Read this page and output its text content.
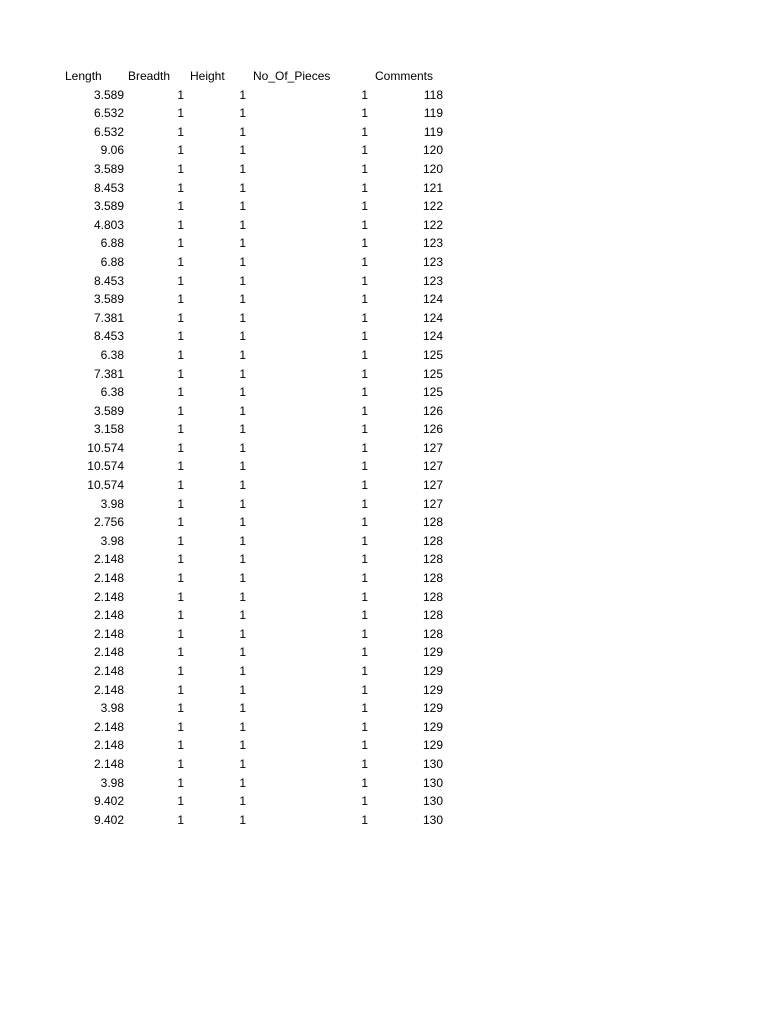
Length	Breadth	Height	No_Of_Pieces	Comments
3.589	1	1	1	118
6.532	1	1	1	119
6.532	1	1	1	119
9.06	1	1	1	120
3.589	1	1	1	120
8.453	1	1	1	121
3.589	1	1	1	122
4.803	1	1	1	122
6.88	1	1	1	123
6.88	1	1	1	123
8.453	1	1	1	123
3.589	1	1	1	124
7.381	1	1	1	124
8.453	1	1	1	124
6.38	1	1	1	125
7.381	1	1	1	125
6.38	1	1	1	125
3.589	1	1	1	126
3.158	1	1	1	126
10.574	1	1	1	127
10.574	1	1	1	127
10.574	1	1	1	127
3.98	1	1	1	127
2.756	1	1	1	128
3.98	1	1	1	128
2.148	1	1	1	128
2.148	1	1	1	128
2.148	1	1	1	128
2.148	1	1	1	128
2.148	1	1	1	128
2.148	1	1	1	129
2.148	1	1	1	129
2.148	1	1	1	129
3.98	1	1	1	129
2.148	1	1	1	129
2.148	1	1	1	129
2.148	1	1	1	130
3.98	1	1	1	130
9.402	1	1	1	130
9.402	1	1	1	130
